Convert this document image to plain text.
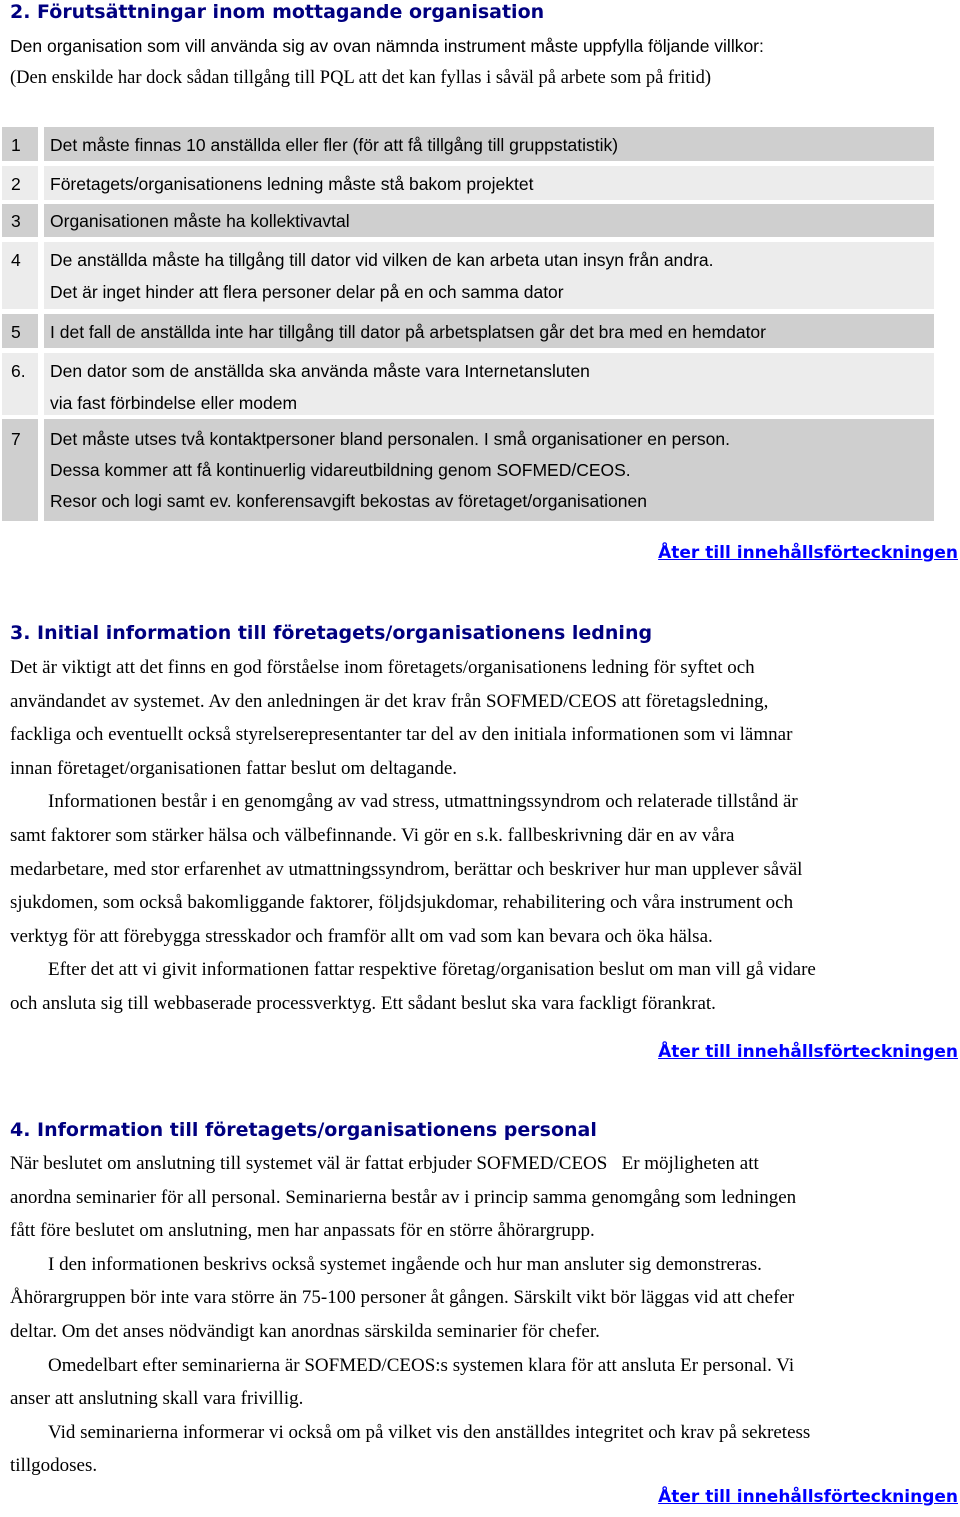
2. Förutsättningar inom mottagande organisation

Den organisation som vill använda sig av ovan nämnda instrument måste uppfylla följande villkor:

(Den enskilde har dock sådan tillgång till PQL att det kan fyllas i såväl på arbete som på fritid)

1 Det måste finnas 10 anställda eller fler (för att få tillgång till gruppstatistik)
2 Företagets/organisationens ledning måste stå bakom projektet
3 Organisationen måste ha kollektivavtal
4 De anställda måste ha tillgång till dator vid vilken de kan arbeta utan insyn från andra.
Det är inget hinder att flera personer delar på en och samma dator
5 I det fall de anställda inte har tillgång till dator på arbetsplatsen går det bra med en hemdator
6. Den dator som de anställda ska använda måste vara Internetansluten
via fast förbindelse eller modem
7 Det måste utses två kontaktpersoner bland personalen. I små organisationer en person.
Dessa kommer att få kontinuerlig vidareutbildning genom SOFMED/CEOS.
Resor och logi samt ev. konferensavgift bekostas av företaget/organisationen
Åter till innehållsförteckningen
3. Initial information till företagets/organisationens ledning
Det är viktigt att det finns en god förståelse inom företagets/organisationens ledning för syftet och
användandet av systemet. Av den anledningen är det krav från SOFMED/CEOS att företagsledning,
fackliga och eventuellt också styrelserepresentanter tar del av den initiala informationen som vi lämnar
innan företaget/organisationen fattar beslut om deltagande.
Informationen består i en genomgång av vad stress, utmattningssyndrom och relaterade tillstånd är
samt faktorer som stärker hälsa och välbefinnande. Vi gör en s.k. fallbeskrivning där en av våra
medarbetare, med stor erfarenhet av utmattningssyndrom, berättar och beskriver hur man upplever såväl
sjukdomen, som också bakomliggande faktorer, följdsjukdomar, rehabilitering och våra instrument och
verktyg för att förebygga stresskador och framför allt om vad som kan bevara och öka hälsa.
Efter det att vi givit informationen fattar respektive företag/organisation beslut om man vill gå vidare
och ansluta sig till webbaserade processverktyg. Ett sådant beslut ska vara fackligt förankrat.
Åter till innehållsförteckningen
4. Information till företagets/organisationens personal
När beslutet om anslutning till systemet väl är fattat erbjuder SOFMED/CEOS   Er möjligheten att
anordna seminarier för all personal. Seminarierna består av i princip samma genomgång som ledningen
fått före beslutet om anslutning, men har anpassats för en större åhörargrupp.
I den informationen beskrivs också systemet ingående och hur man ansluter sig demonstreras.
Åhörargruppen bör inte vara större än 75-100 personer åt gången. Särskilt vikt bör läggas vid att chefer
deltar. Om det anses nödvändigt kan anordnas särskilda seminarier för chefer.
Omedelbart efter seminarierna är SOFMED/CEOS:s systemen klara för att ansluta Er personal. Vi
anser att anslutning skall vara frivillig.
Vid seminarierna informerar vi också om på vilket vis den anställdes integritet och krav på sekretess
tillgodoses.
Åter till innehållsförteckningen
